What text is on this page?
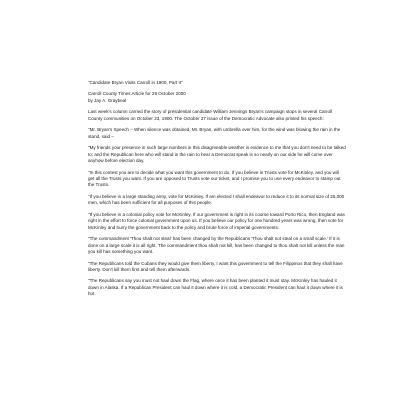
"Candidate Bryan Visits Carroll in 1900, Part II"

Carroll County Times Article for 29 October 2000
by Jay A. Graybeal

Last week's column carried the story of presidential candidate William Jennings Bryan's campaign stops in several Carroll County communities on October 23, 1900. The October 27 issue of the Democratic Advocate also printed his speech:

"Mr. Bryan's Speech – When silence was obtained, Mr. Bryan, with umbrella over him, for the wind was blowing the rain in the stand, said –

"My friends your presence in such large numbers in this disagreeable weather is evidence to me that you don't need to be talked to; and the Republican here who will stand in the rain to hear a Democrat speak is so nearly on our side he will come over anyhow before election day.

"In this contest you are to decide what you want this government to do. If you believe in Trusts vote for McKinley, and you will get all the Trusts you want. If you are opposed to Trusts vote our ticket, and I promise you to use every endeavor to stamp out the Trusts.

"If you believe in a large standing army, vote for McKinley. If am elected I shall endeavor to reduce it to its normal size of 25,000 men, which has been sufficient for all purposes of this people.

"If you believe in a colonial policy vote for McKinley. If our government is right in its course toward Porto Rico, then England was right in the effort to force colonial government upon us. If you believe our policy for one hundred years was wrong, then vote for McKinley and hurry the government back to the policy and brute force of imperial governments.

"The commandment 'Thou shalt not steal' has been changed by the Republicans 'Thou shalt not steal on a small scale.' If it is done on a large scale it is all right. The commandment thou shalt not kill, has been changed to thou shalt not kill unless the man you kill has something you want.

"The Republicans told the Cubans they would give them liberty. I want this government to tell the Filippinos that they shall have liberty. Don't kill them first and tell them afterwards.

"The Republicans say you must not haul down the Flag, where once it has been planted it must stay. McKinley has hauled it down in Alaska. If a Republican President can haul it down where it is cold, a Democratic President can haul it down where it is hot.
